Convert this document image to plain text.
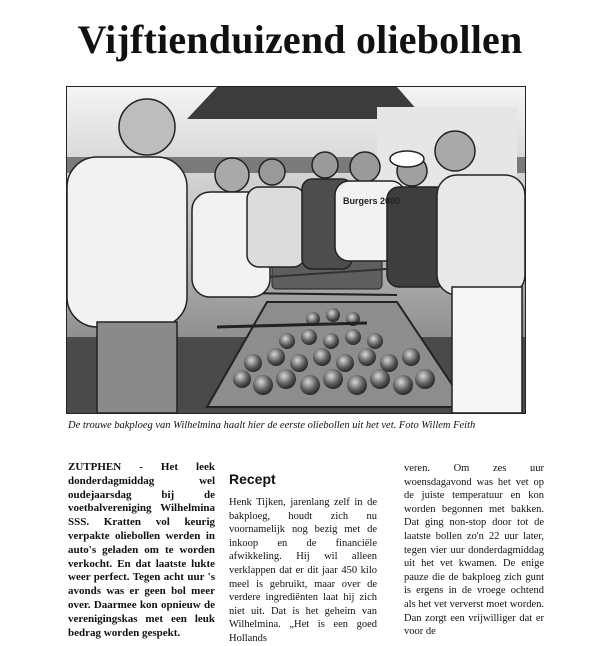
Vijftienduizend oliebollen
Burgers 2000
De trouwe bakploeg van Wilhelmina haalt hier de eerste oliebollen uit het vet. Foto Willem Feith

ZUTPHEN - Het leek donderdagmiddag wel oudejaarsdag bij de voetbalvereniging Wilhelmina SSS. Kratten vol keurig verpakte oliebollen werden in auto's geladen om te worden verkocht. En dat laatste lukte weer perfect. Tegen acht uur 's avonds was er geen bol meer over. Daarmee kon opnieuw de verenigingskas met een leuk bedrag worden gespekt.

Recept

Henk Tijken, jarenlang zelf in de bakploeg, houdt zich nu voornamelijk nog bezig met de inkoop en de financiële afwikkeling. Hij wil alleen verklappen dat er dit jaar 450 kilo meel is gebruikt, maar over de verdere ingrediënten laat hij zich niet uit. Dat is het geheim van Wilhelmina. „Het is een goed Hollands

veren. Om zes uur woensdagavond was het vet op de juiste temperatuur en kon worden begonnen met bakken. Dat ging non-stop door tot de laatste bollen zo'n 22 uur later, tegen vier uur donderdagmiddag uit het vet kwamen. De enige pauze die de bakploeg zich gunt is ergens in de vroege ochtend als het vet ververst moet worden. Dan zorgt een vrijwilliger dat er voor de
